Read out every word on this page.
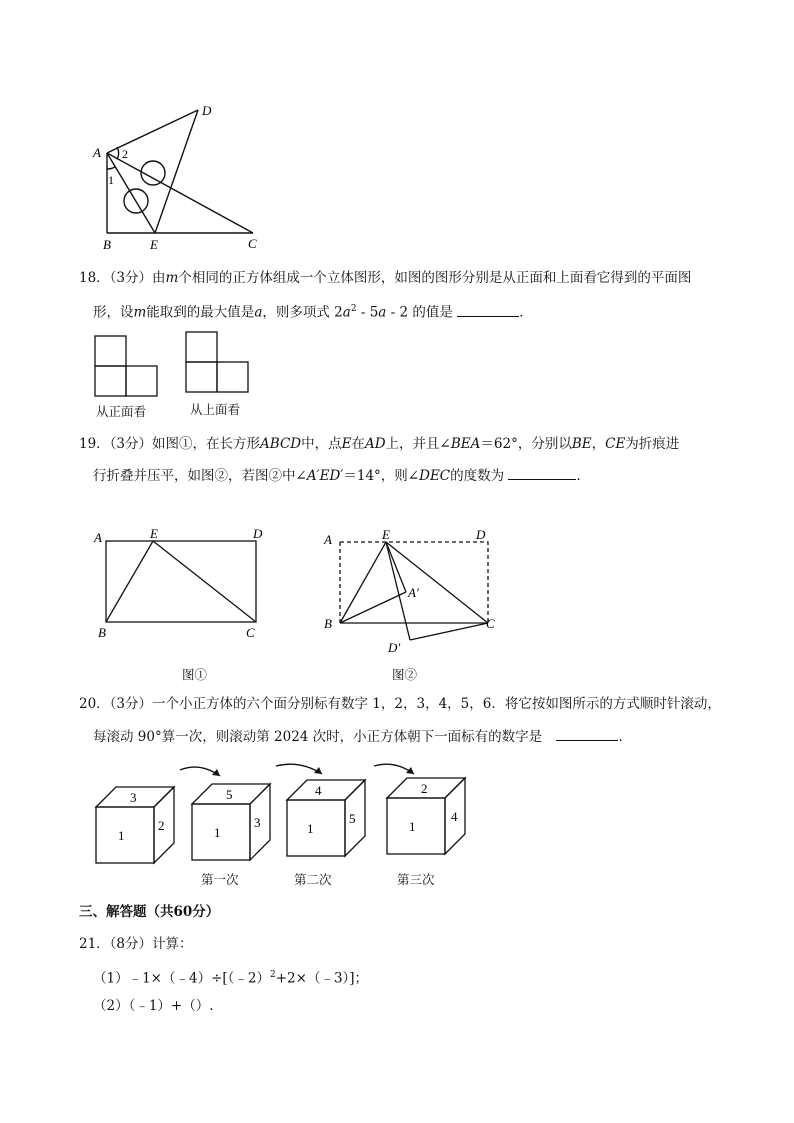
A 2
1
D
B	E	C
18．（3分）由m个相同的正方体组成一个立体图形，如图的图形分别是从正面和上面看它得到的平面图
形，设m能取到的最大值是a，则多项式 $2a^2 - 5a - 2$ 的值是	．
从正面看	从上面看
19．（3分）如图①，在长方形ABCD中，点E在AD上，并且∠BEA＝62°，分别以BE，CE为折痕进
行折叠并压平，如图②，若图②中∠A′ED′＝14°，则∠DEC的度数为	．
A	E	D
B	C
图①
A	E	D
A′
B	C
D′
图②
20．（3分）一个小正方体的六个面分别标有数字 1，2，3，4，5，6．将它按如图所示的方式顺时针滚动，
每滚动 90°算一次，则滚动第 2024 次时，小正方体朝下一面标有的数字是	．
3
1
2
5
1
3
第一次
4
1
5
第二次
2
1
4
第三次
三、解答题（共60分）
21．（8分）计算：
（1）﹣1×（﹣4）÷[（﹣2）$^2$+2×（﹣3）]；
（2）（﹣1）+（）.
